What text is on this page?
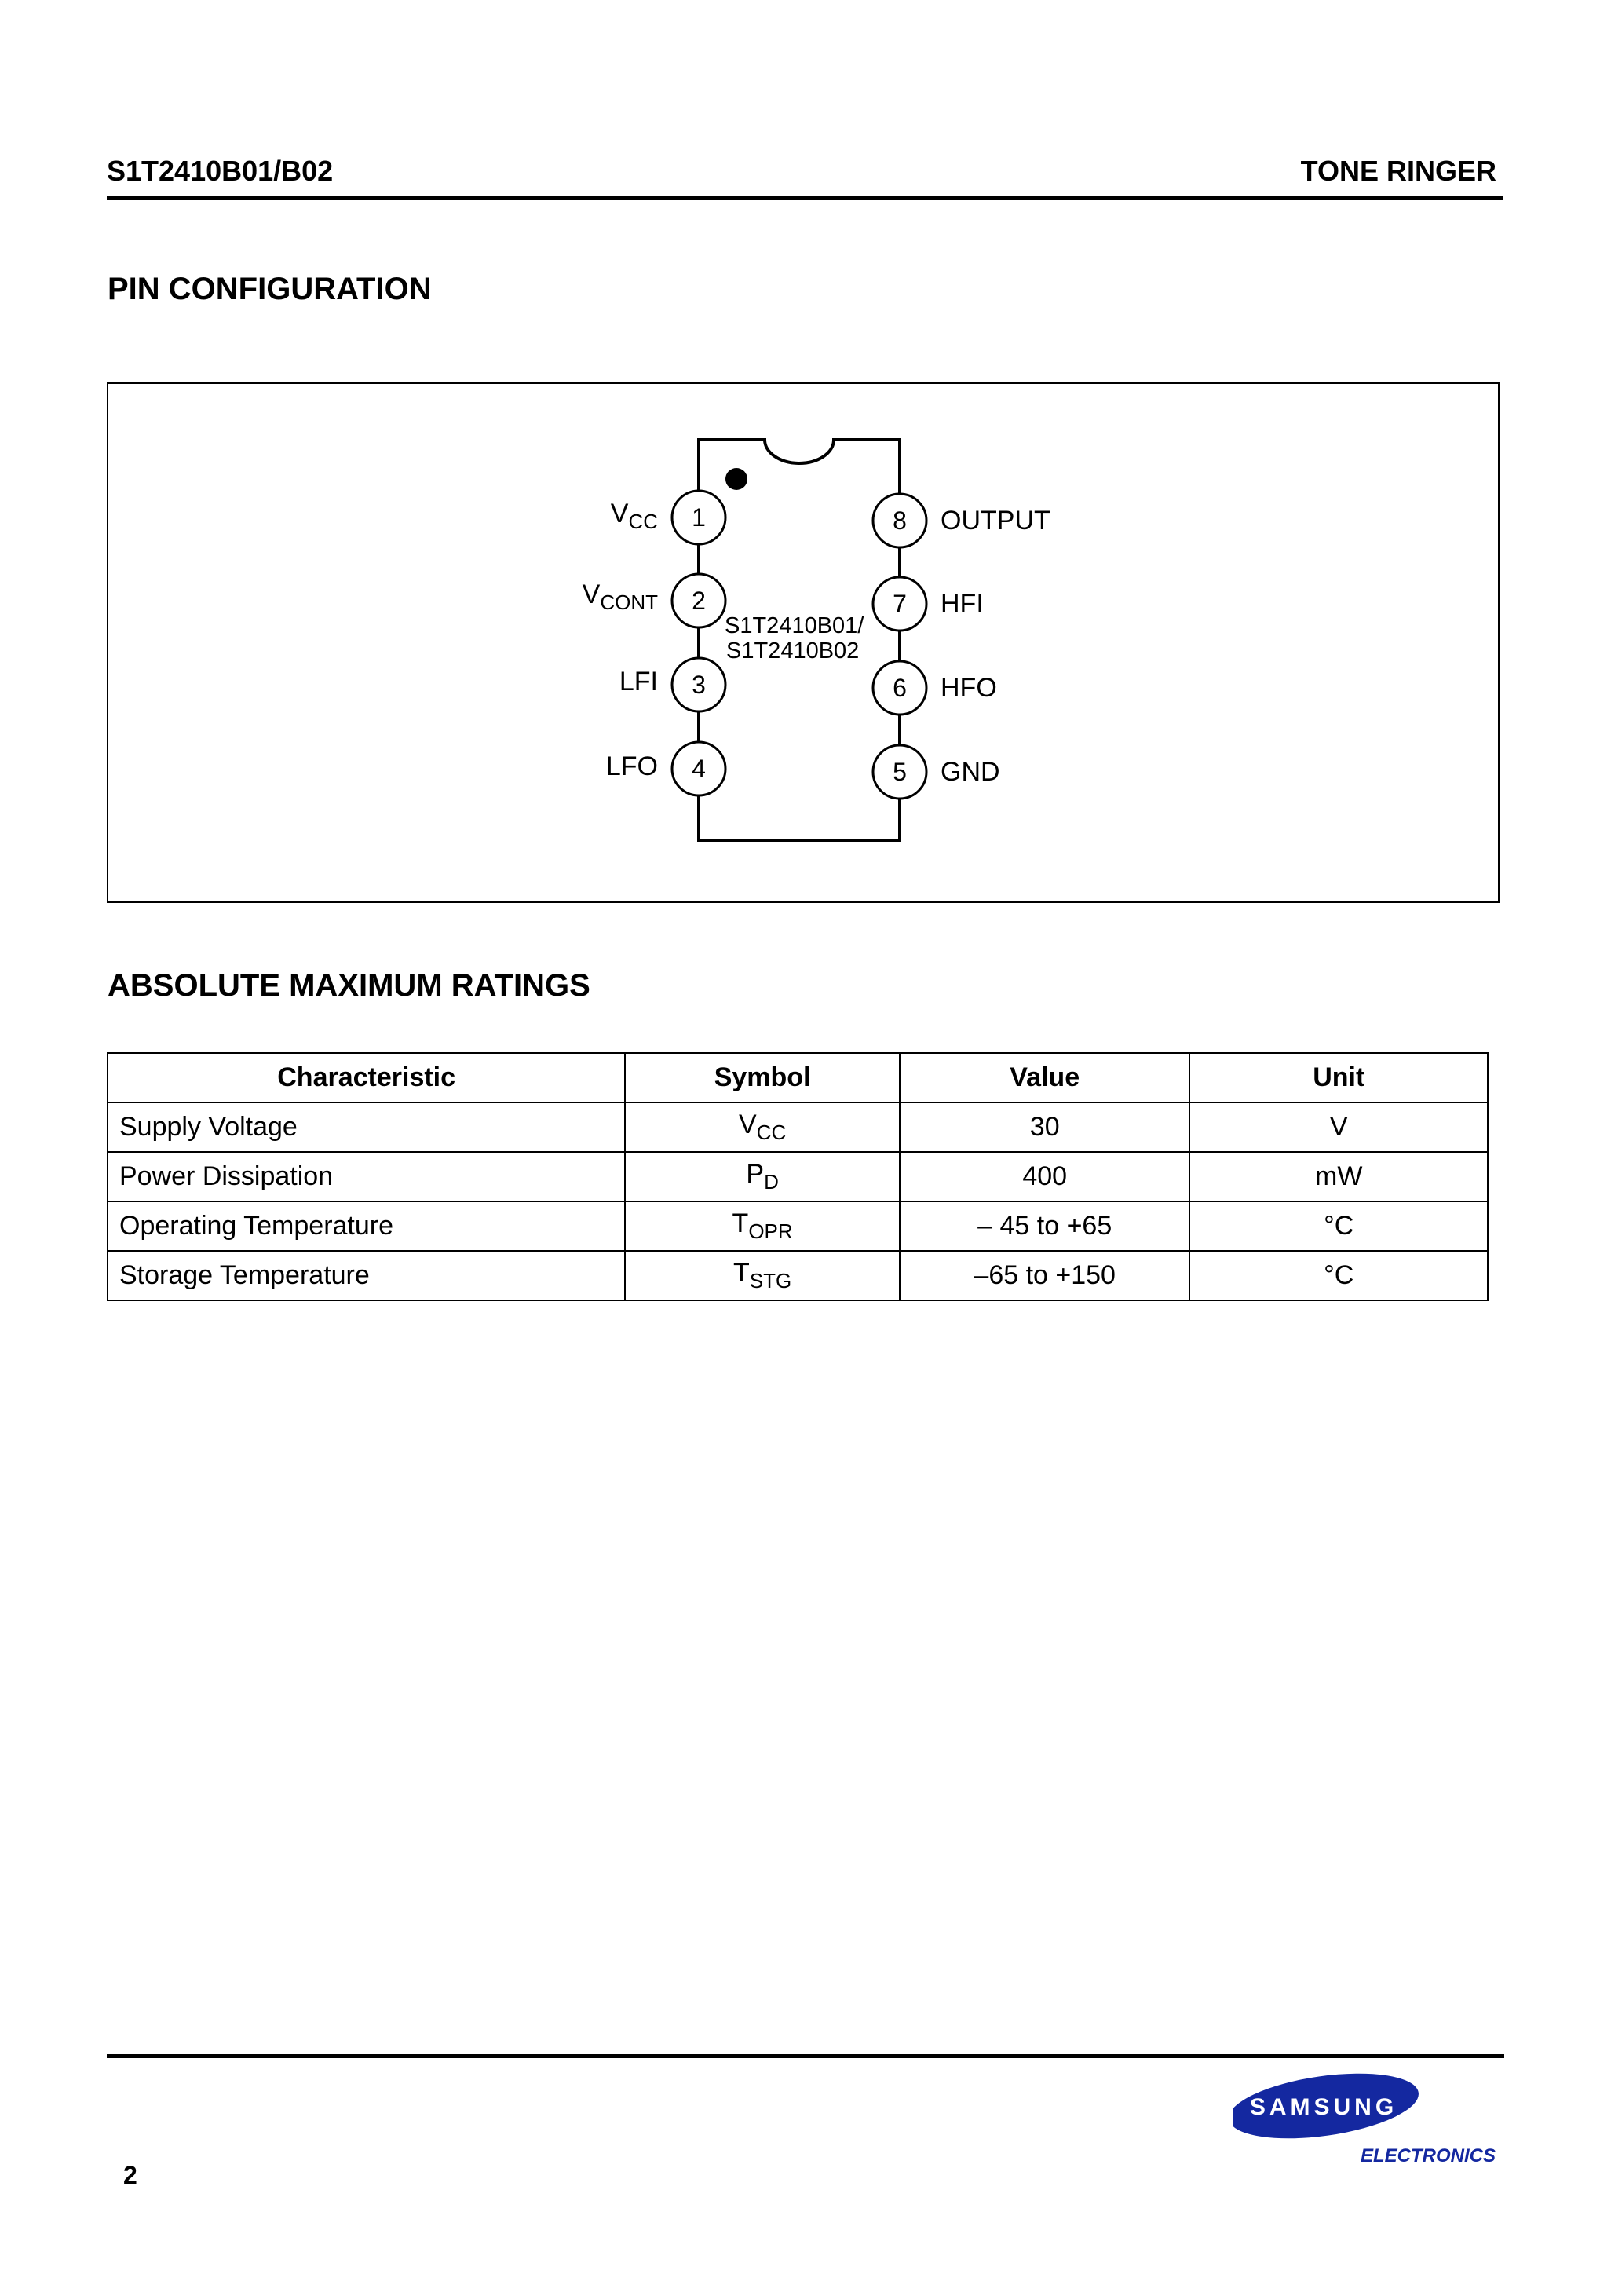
S1T2410B01/B02	TONE RINGER
PIN CONFIGURATION
S1T2410B01/
S1T2410B02
1
$V_{CC}$
2
$V_{CONT}$
3
LFI
4
LFO
8 OUTPUT
7 HFI
6 HFO
5 GND
ABSOLUTE MAXIMUM RATINGS
Characteristic	Symbol	Value	Unit
Supply Voltage	$V_{CC}$	30	V
Power Dissipation	$P_D$	400	mW
Operating Temperature	$T_{OPR}$	– 45 to +65	°C
Storage Temperature	$T_{STG}$	–65 to +150	°C
2
SAMSUNG
ELECTRONICS
